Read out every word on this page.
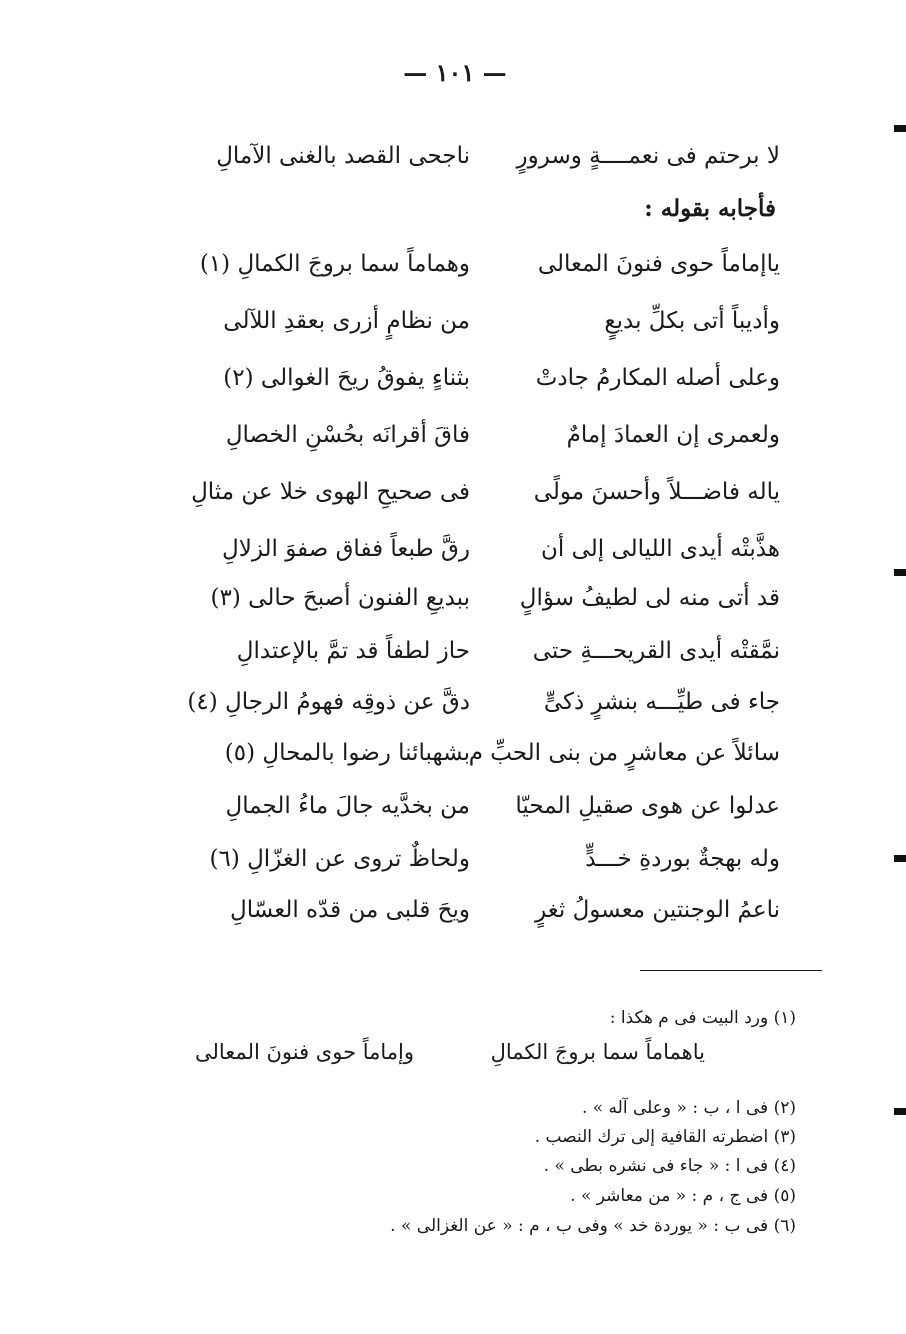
— ١٠١ —
لا برحتم فى نعمــــةٍ وسرورٍ
ناجحى القصد بالغنى الآمالِ
فأجابه بقوله :
ياإماماً حوى فنونَ المعالى
وهماماً سما بروجَ الكمالِ (١)
وأديباً أتى بكلِّ بديعٍ
من نظامٍ أزرى بعقدِ اللآلى
وعلى أصله المكارمُ جادتْ
بثناءٍ يفوقُ ريحَ الغوالى (٢)
ولعمرى إن العمادَ إمامٌ
فاقَ أقرانَه بحُسْنِ الخصالِ
ياله فاضـــلاً وأحسنَ مولًى
فى صحيحِ الهوى خلا عن مثالِ
هذَّبتْه أيدى الليالى إلى أن
رقَّ طبعاً ففاق صفوَ الزلالِ
قد أتى منه لى لطيفُ سؤالٍ
ببديعِ الفنون أصبحَ حالى (٣)
نمَّقتْه أيدى القريحـــةِ حتى
حاز لطفاً قد تمَّ بالإعتدالِ
جاء فى طيِّـــه بنشرٍ ذكىٍّ
دقَّ عن ذوقِه فهومُ الرجالِ (٤)
سائلاً عن معاشرٍ من بنى الحبِّ م
بشهبائنا رضوا بالمحالِ (٥)
عدلوا عن هوى صقيلِ المحيّا
من بخدَّيه جالَ ماءُ الجمالِ
وله بهجةٌ بوردةِ خـــدٍّ
ولحاظٌ تروى عن الغزّالِ (٦)
ناعمُ الوجنتين معسولُ ثغرٍ
ويحَ قلبى من قدّه العسّالِ
(١) ورد البيت فى م هكذا :
ياهماماً سما بروجَ الكمالِ
وإماماً حوى فنونَ المعالى
(٢) فى ا ، ب : « وعلى آله » .
(٣) اضطرته القافية إلى ترك النصب .
(٤) فى ا : « جاء فى نشره بطى » .
(٥) فى ج ، م : « من معاشر » .
(٦) فى ب : « يوردة خد » وفى ب ، م : « عن الغزالى » .
